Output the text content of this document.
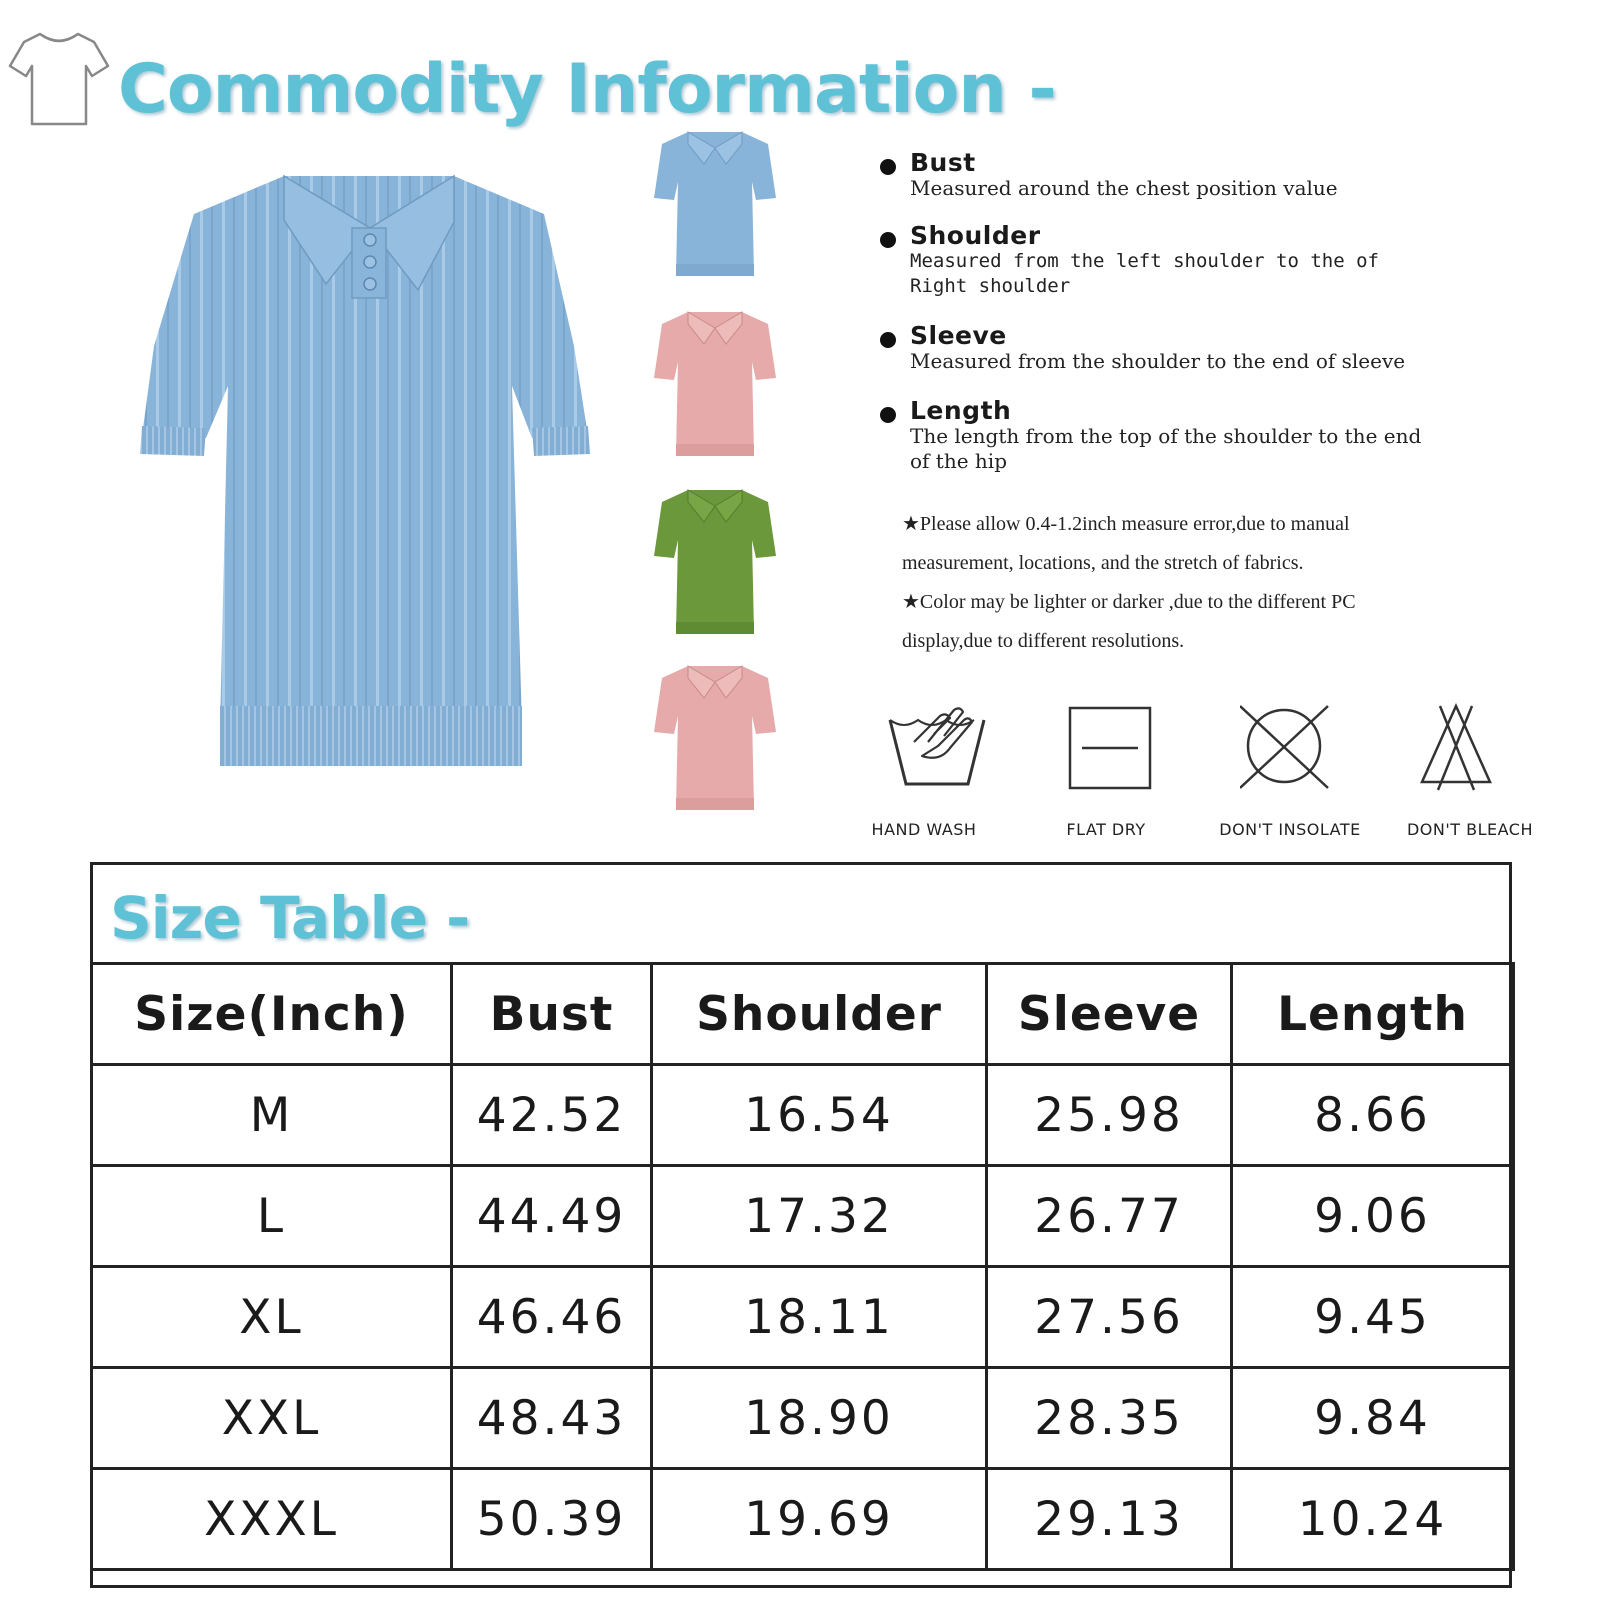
Commodity Information -
Bust
Measured around the chest position value
Shoulder
Measured from the left shoulder to the of Right shoulder
Sleeve
Measured from the shoulder to the end of sleeve
Length
The length from the top of the shoulder to the end of the hip
★Please allow 0.4-1.2inch measure error,due to manual measurement, locations, and the stretch of fabrics.
★Color may be lighter or darker ,due to the different PC display,due to different resolutions.
HAND WASH	FLAT DRY	DON'T INSOLATE	DON'T BLEACH
Size Table -
Size(Inch)	Bust	Shoulder	Sleeve	Length
M	42.52	16.54	25.98	8.66
L	44.49	17.32	26.77	9.06
XL	46.46	18.11	27.56	9.45
XXL	48.43	18.90	28.35	9.84
XXXL	50.39	19.69	29.13	10.24
